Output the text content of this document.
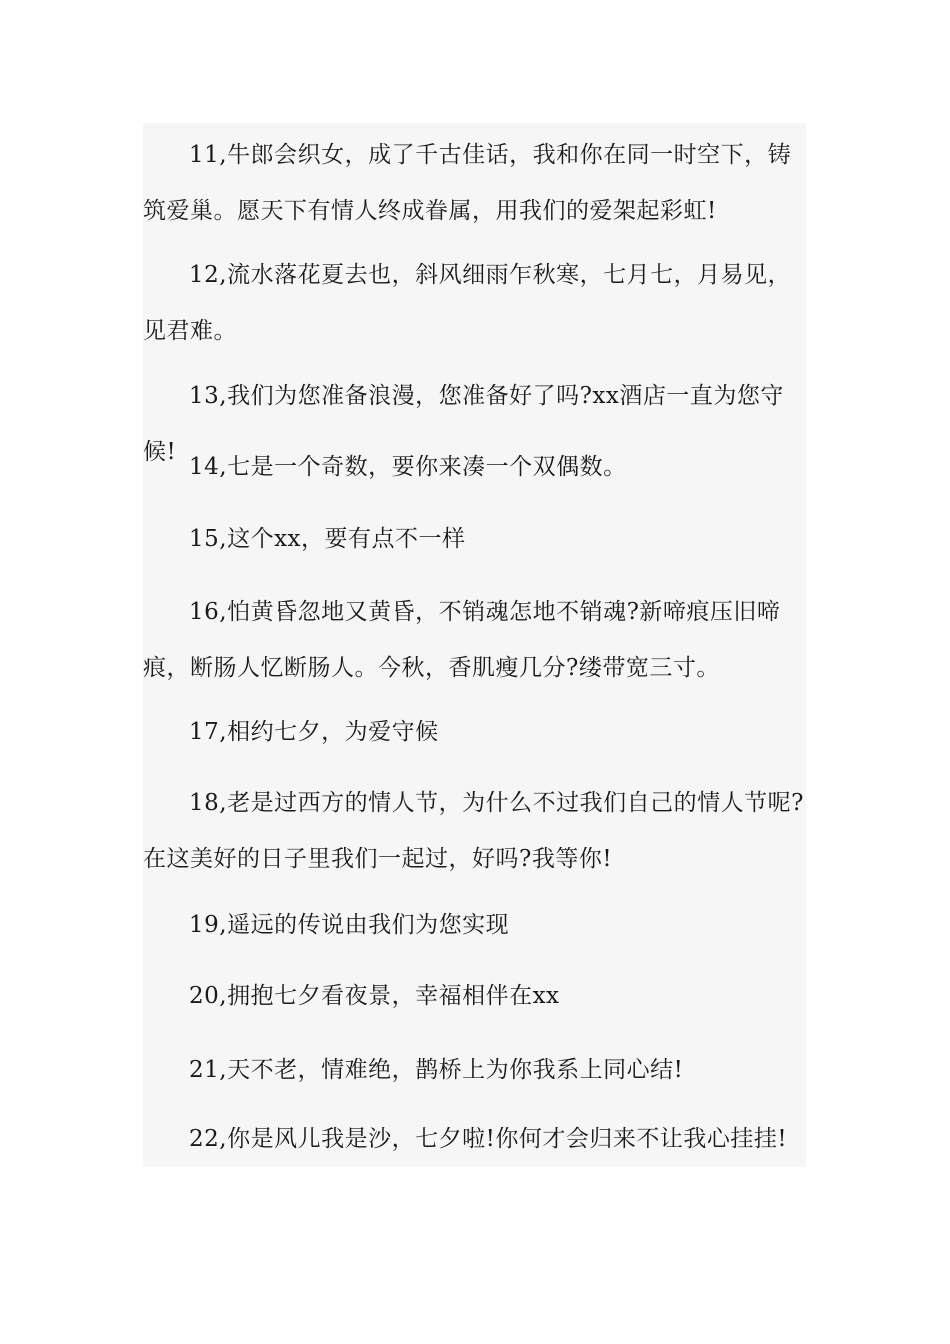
11,牛郎会织女，成了千古佳话，我和你在同一时空下，铸筑爱巢。愿天下有情人终成眷属，用我们的爱架起彩虹!

12,流水落花夏去也，斜风细雨乍秋寒，七月七，月易见，见君难。

13,我们为您准备浪漫，您准备好了吗?xx酒店一直为您守候!

14,七是一个奇数，要你来凑一个双偶数。

15,这个xx，要有点不一样

16,怕黄昏忽地又黄昏，不销魂怎地不销魂?新啼痕压旧啼痕，断肠人忆断肠人。今秋，香肌瘦几分?缕带宽三寸。

17,相约七夕，为爱守候

18,老是过西方的情人节，为什么不过我们自己的情人节呢?在这美好的日子里我们一起过，好吗?我等你!

19,遥远的传说由我们为您实现

20,拥抱七夕看夜景，幸福相伴在xx

21,天不老，情难绝，鹊桥上为你我系上同心结!

22,你是风儿我是沙，七夕啦!你何才会归来不让我心挂挂!
